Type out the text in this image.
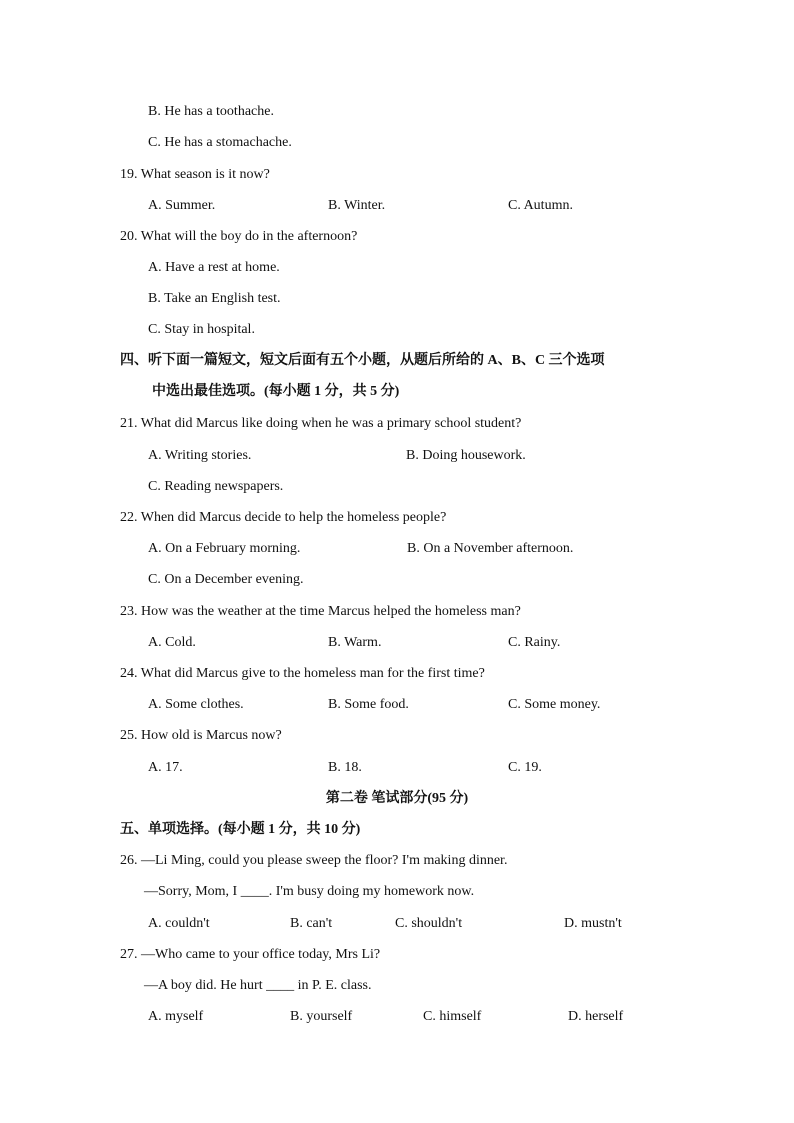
B. He has a toothache.
C. He has a stomachache.
19. What season is it now?
A. Summer.	B. Winter.	C. Autumn.
20. What will the boy do in the afternoon?
A. Have a rest at home.
B. Take an English test.
C. Stay in hospital.
四、听下面一篇短文，短文后面有五个小题，从题后所给的 A、B、C 三个选项
中选出最佳选项。(每小题 1 分，共 5 分)
21. What did Marcus like doing when he was a primary school student?
A. Writing stories.	B. Doing housework.
C. Reading newspapers.
22. When did Marcus decide to help the homeless people?
A. On a February morning.	B. On a November afternoon.
C. On a December evening.
23. How was the weather at the time Marcus helped the homeless man?
A. Cold.	B. Warm.	C. Rainy.
24. What did Marcus give to the homeless man for the first time?
A. Some clothes.	B. Some food.	C. Some money.
25. How old is Marcus now?
A. 17.	B. 18.	C. 19.
第二卷 笔试部分(95 分)
五、单项选择。(每小题 1 分，共 10 分)
26. —Li Ming, could you please sweep the floor? I'm making dinner.
—Sorry, Mom, I ____. I'm busy doing my homework now.
A. couldn't	B. can't	C. shouldn't	D. mustn't
27. —Who came to your office today, Mrs Li?
—A boy did. He hurt ____ in P. E. class.
A. myself	B. yourself	C. himself	D. herself
